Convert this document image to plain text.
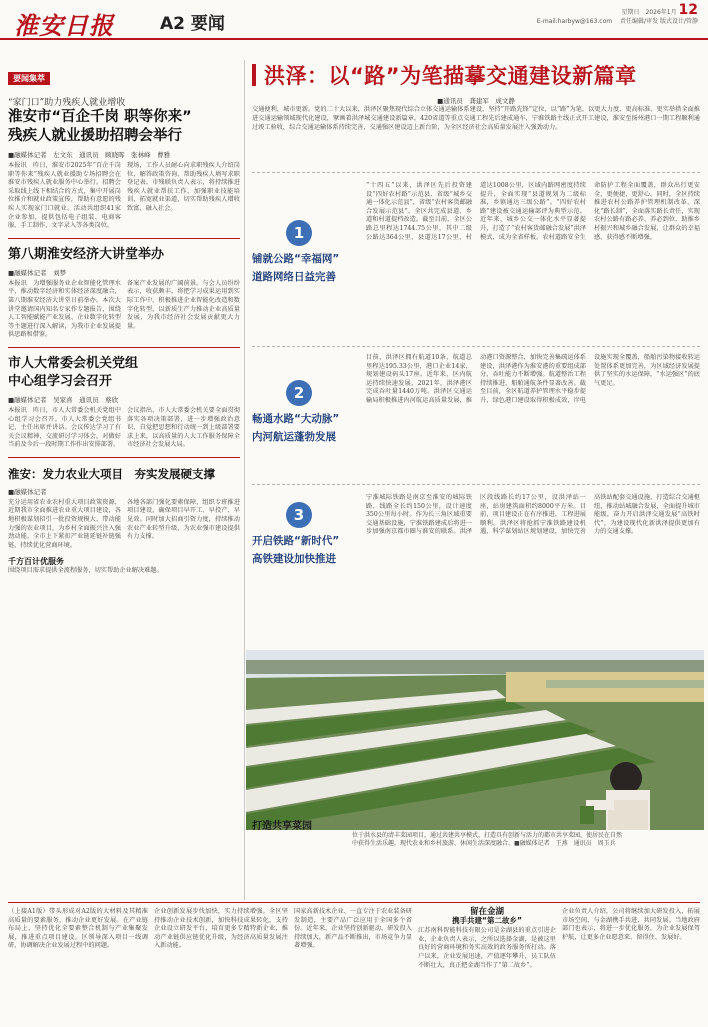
淮安日报	A2 要闻
星期日　2026年1月 12
E-mail:harbyw@163.com　 责任编辑/审发 版式设计/管静
要闻集萃
“家门口”助力残疾人就业增收
淮安市“百企千岗 职等你来”
残疾人就业援助招聘会举行
■融媒体记者　左文东　通讯员　顾晓晖　张林峰　曹雅
本报讯　昨日，淮安市2025年“百企千岗　职等你来”残疾人就业援助专场招聘会在淮安市残疾人就业服务中心举行。招聘会采取线上线下相结合的方式，集中开展岗位推介和就业政策宣传，帮助有意愿的残疾人实现家门口就业。活动共组织41家企业参加，提供包括电子组装、电商客服、手工制作、文字录入等各类岗位。
现场，工作人员耐心向求职残疾人介绍岗位，解答政策咨询，帮助残疾人填写求职登记表。市残联负责人表示，将持续推进残疾人就业帮扶工作，加强职业技能培训，拓宽就业渠道，切实帮助残疾人增收致富、融入社会。
第八期淮安经济大讲堂举办
■融媒体记者　刘梦
本报讯　为增强服务业企业智能化管理水平，推动数字经济和实体经济深度融合，第八期淮安经济大讲堂日前举办。本次大讲堂邀请国内知名专家作专题报告，围绕人工智能赋能产业发展、企业数字化转型等主题进行深入解读，为我市企业发展提供思路和借鉴。
备案产业发展的广阔前景。与会人员纷纷表示，收获颇丰，将把学习成果运用到实际工作中，积极推进企业智能化改造和数字化转型，以新质生产力推动企业高质量发展，为我市经济社会发展贡献更大力量。
市人大常委会机关党组
中心组学习会召开
■融媒体记者　吴家喜　通讯员　蔡欣
本报讯　昨日，市人大常委会机关党组中心组学习会召开。市人大常委会党组书记、主任出席并讲话。会议传达学习了有关会议精神，交流研讨学习体会，对做好当前及今后一段时期工作作出安排部署。
会议指出，市人大常委会机关要全面贯彻落实各项决策部署，进一步增强政治意识，自觉把思想和行动统一到上级部署要求上来，以高质量的人大工作服务保障全市经济社会发展大局。
淮安：发力农业大项目　夯实发展硬支撑
■融媒体记者
充分运用省农业农村重大项目政策资源，近期我市全面推进农业重大项目建设，各地积极谋划招引一批投资规模大、带动能力强的农业项目，为乡村全面振兴注入强劲动能。全市上下紧扣产业链延链补链强链，持续优化营商环境。
各地各部门强化要素保障，组织专班推进项目建设，确保项目早开工、早投产、早见效。同时加大招商引资力度，持续推动农业产业转型升级，为农业强市建设提供有力支撑。
千方百计优服务
围绕项目需求提供全流程服务，切实帮助企业解决难题。
洪泽：以“路”为笔描摹交通建设新篇章
■通讯员　龚建军　成文静
交通便利，城市更新。党的二十大以来，洪泽区聚焦现代综合立体交通运输体系建设，坚持“开路先锋”定位，以“路”为笔，以更大力度、更高标准、更实举措全面推进交通运输领域现代化建设，擘画着洪泽城交通建设新篇章。420省道等重点交通工程先后建成通车，宁淮铁路主线正式开工建设，淮安至扬州港口一期工程顺利通过竣工验收，综合交通运输体系持续完善，交通强区建设迈上新台阶，为全区经济社会高质量发展注入强劲动力。
1
铺就公路“幸福网”
道路网络日益完善
“十四五”以来，洪泽区先后投资建设“四好农村路”示范县、省级“城乡交通一体化示范县”，省级“农村客货邮融合发展示范县”。全区共完成县道、乡道和村道提档改造。截至目前，全区公路总里程达1744.75公里，其中二级公路达364公里，县道达17公里，村道达1008公里，区域内路网密度持续提升，全面实现“县道规划为二级标准，乡镇通达三级公路”。“四好农村路”建设被交通运输部评为典型示范。近年来，城乡公交一体化水平显著提升，打造了“农村客货邮融合发展”洪泽模式，成为全省样板。农村道路安全生命防护工程全面覆盖，群众出行更安全、更便捷、更舒心。同时，全区持续推进农村公路养护管理机制改革，深化“路长制”，全面落实路长责任，实现农村公路有路必养、养必到位，助推乡村振兴和城乡融合发展，让群众的幸福感、获得感不断增强。
2
畅通水路“大动脉”
内河航运蓬勃发展
目前，洪泽区拥有航道10条，航道总里程达195.33公里，港口企业14家，规划建设码头17座。近年来，区内航运持续快速发展，2021年，洪泽港区完成吞吐量1440万吨。洪泽区交通运输局积极推进内河航运高质量发展，推动港口资源整合，加快完善集疏运体系建设，洪泽港作为淮安港的重要组成部分，吞吐能力不断增强。航道整治工程持续推进，船舶通航条件显著改善。截至目前，全区航道养护管理水平稳步提升，绿色港口建设取得积极成效，岸电设施实现全覆盖，船舶污染物接收转运处置体系更加完善，为区域经济发展提供了坚实的水运保障，“水运强区”的底气更足。
3
开启铁路“新时代”
高铁建设加快推进
宁淮城际铁路是南京至淮安的城际铁路，线路全长约150公里，设计速度350公里每小时。作为长三角区域重要交通基础设施，宁淮铁路建成后将进一步加强南京都市圈与淮安的联系。洪泽区段线路长约17公里，设洪泽站一座，站房建筑面积约8000平方米。目前，项目建设正在有序推进，工程进展顺利。洪泽区将抢抓宁淮铁路建设机遇，科学谋划站区规划建设，加快完善高铁站配套交通设施，打造综合交通枢纽，推动站城融合发展，全面提升城市能级，奋力开启洪泽交通发展“高铁时代”，为建设现代化新洪泽提供更加有力的交通支撑。
打造共享菜园
位于洪水县的清丰菜园项目，通过共建共享模式，打造具有创新与活力的都市共享菜园，使居民在自然中获得生活乐趣，现代农业和乡村旅游、休闲生活深度融合。■融媒体记者　王燕　通讯员　周玉兵
（上接A1版）带头形成对A2版的大材料及其精准高质量的要素服务，推动企业更好发展。在产业链布局上，坚持优化全要素整合机制与产业集聚发展，推进重点项目建设。区领导深入项目一线调研，协调解决企业发展过程中的问题。
企业创新发展步伐加快，实力持续增强。全区坚持推动企业技术创新，加快科技成果转化，支持企业设立研发平台，培育更多专精特新企业，推动产业链供应链优化升级，为经济高质量发展注入新动能。
国家高新技术企业、一直专注于农业装备研发制造，主要产品广泛应用于全国多个省份。近年来，企业坚持创新驱动，研发投入持续加大，新产品不断推出，市场竞争力显著增强。
留在金湖
携手共建“第二故乡”
江苏南科智能科技有限公司是金湖县的重点引进企业，企业负责人表示，之所以选择金湖，是被这里良好的营商环境和务实高效的政务服务所打动。落户以来，企业发展迅速，产值逐年攀升，员工队伍不断壮大，真正把金湖当作了“第二故乡”。
企业负责人介绍，公司将继续加大研发投入，拓展市场空间，与金湖携手共进、共同发展。当地政府部门也表示，将进一步优化服务，为企业发展保驾护航，让更多企业愿意来、留得住、发展好。
